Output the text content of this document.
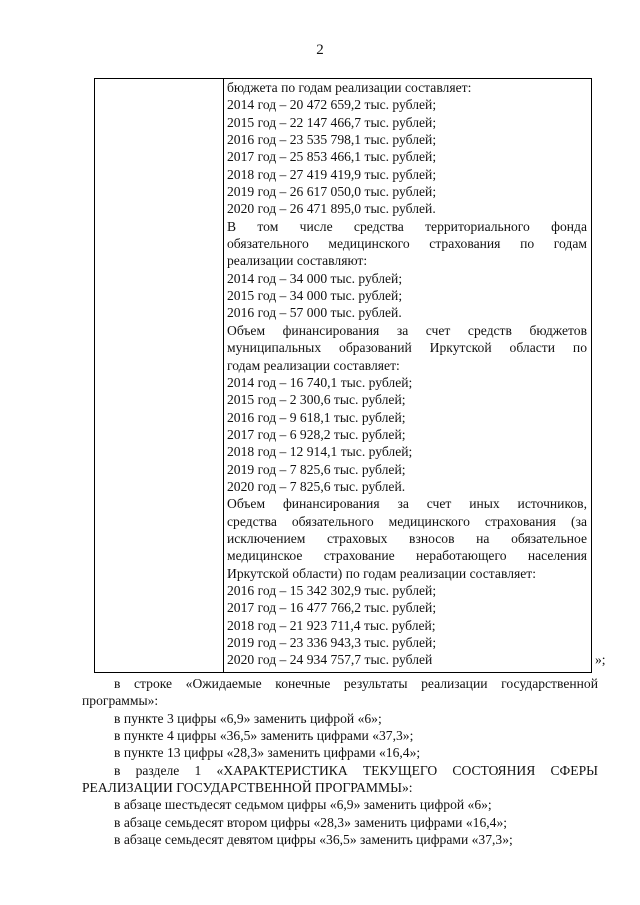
2
бюджета по годам реализации составляет:
2014 год – 20 472 659,2 тыс. рублей;
2015 год – 22 147 466,7 тыс. рублей;
2016 год – 23 535 798,1 тыс. рублей;
2017 год – 25 853 466,1 тыс. рублей;
2018 год – 27 419 419,9 тыс. рублей;
2019 год – 26 617 050,0 тыс. рублей;
2020 год – 26 471 895,0 тыс. рублей.
В том числе средства территориального фонда
обязательного медицинского страхования по годам
реализации составляют:
2014 год – 34 000 тыс. рублей;
2015 год – 34 000 тыс. рублей;
2016 год – 57 000 тыс. рублей.
Объем финансирования за счет средств бюджетов
муниципальных образований Иркутской области по
годам реализации составляет:
2014 год – 16 740,1 тыс. рублей;
2015 год – 2 300,6 тыс. рублей;
2016 год – 9 618,1 тыс. рублей;
2017 год – 6 928,2 тыс. рублей;
2018 год – 12 914,1 тыс. рублей;
2019 год – 7 825,6 тыс. рублей;
2020 год – 7 825,6 тыс. рублей.
Объем финансирования за счет иных источников,
средства обязательного медицинского страхования (за
исключением страховых взносов на обязательное
медицинское страхование неработающего населения
Иркутской области) по годам реализации составляет:
2016 год – 15 342 302,9 тыс. рублей;
2017 год – 16 477 766,2 тыс. рублей;
2018 год – 21 923 711,4 тыс. рублей;
2019 год – 23 336 943,3 тыс. рублей;
2020 год – 24 934 757,7 тыс. рублей	»;
в строке «Ожидаемые конечные результаты реализации государственной
программы»:
в пункте 3 цифры «6,9» заменить цифрой «6»;
в пункте 4 цифры «36,5» заменить цифрами «37,3»;
в пункте 13 цифры «28,3» заменить цифрами «16,4»;
в разделе 1 «ХАРАКТЕРИСТИКА ТЕКУЩЕГО СОСТОЯНИЯ СФЕРЫ
РЕАЛИЗАЦИИ ГОСУДАРСТВЕННОЙ ПРОГРАММЫ»:
в абзаце шестьдесят седьмом цифры «6,9» заменить цифрой «6»;
в абзаце семьдесят втором цифры «28,3» заменить цифрами «16,4»;
в абзаце семьдесят девятом цифры «36,5» заменить цифрами «37,3»;
